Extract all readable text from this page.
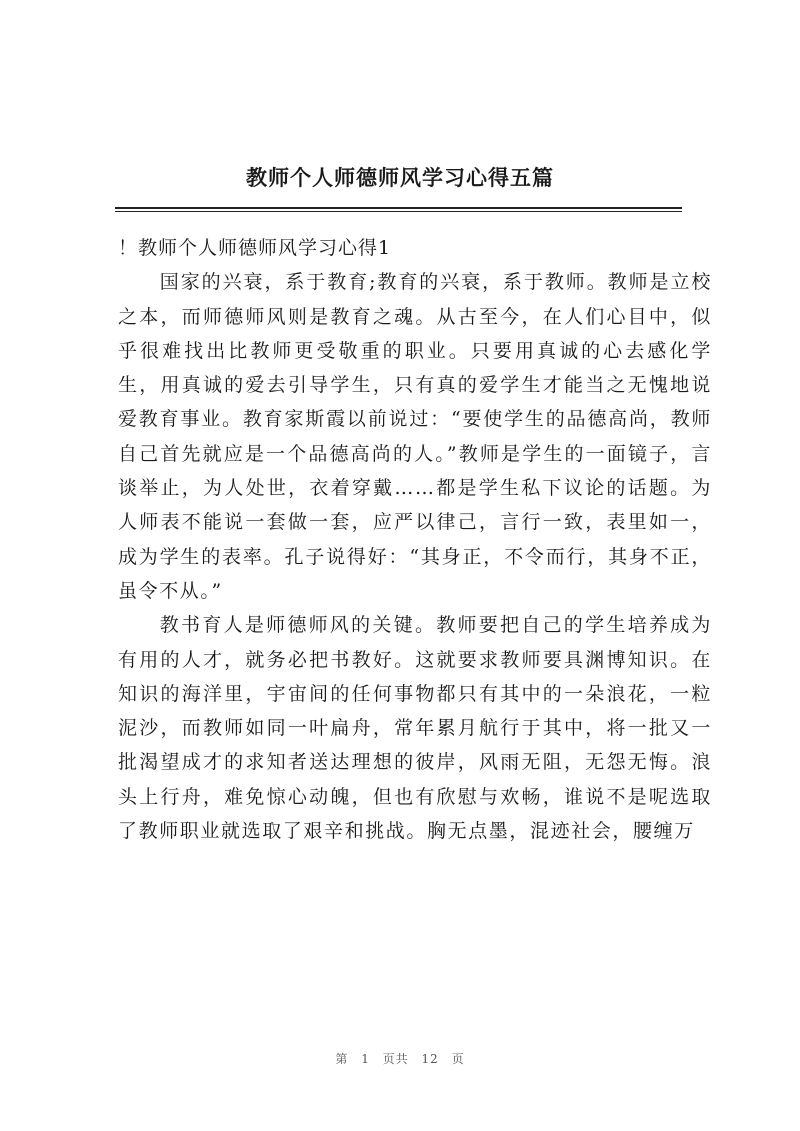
教师个人师德师风学习心得五篇

！教师个人师德师风学习心得1

国家的兴衰，系于教育;教育的兴衰，系于教师。教师是立校之本，而师德师风则是教育之魂。从古至今，在人们心目中，似乎很难找出比教师更受敬重的职业。只要用真诚的心去感化学生，用真诚的爱去引导学生，只有真的爱学生才能当之无愧地说爱教育事业。教育家斯霞以前说过：“要使学生的品德高尚，教师自己首先就应是一个品德高尚的人。”教师是学生的一面镜子，言谈举止，为人处世，衣着穿戴……都是学生私下议论的话题。为人师表不能说一套做一套，应严以律己，言行一致，表里如一，成为学生的表率。孔子说得好：“其身正，不令而行，其身不正，虽令不从。”

教书育人是师德师风的关键。教师要把自己的学生培养成为有用的人才，就务必把书教好。这就要求教师要具渊博知识。在知识的海洋里，宇宙间的任何事物都只有其中的一朵浪花，一粒泥沙，而教师如同一叶扁舟，常年累月航行于其中，将一批又一批渴望成才的求知者送达理想的彼岸，风雨无阻，无怨无悔。浪头上行舟，难免惊心动魄，但也有欣慰与欢畅，谁说不是呢选取了教师职业就选取了艰辛和挑战。胸无点墨，混迹社会，腰缠万

第 1 页共 12 页
